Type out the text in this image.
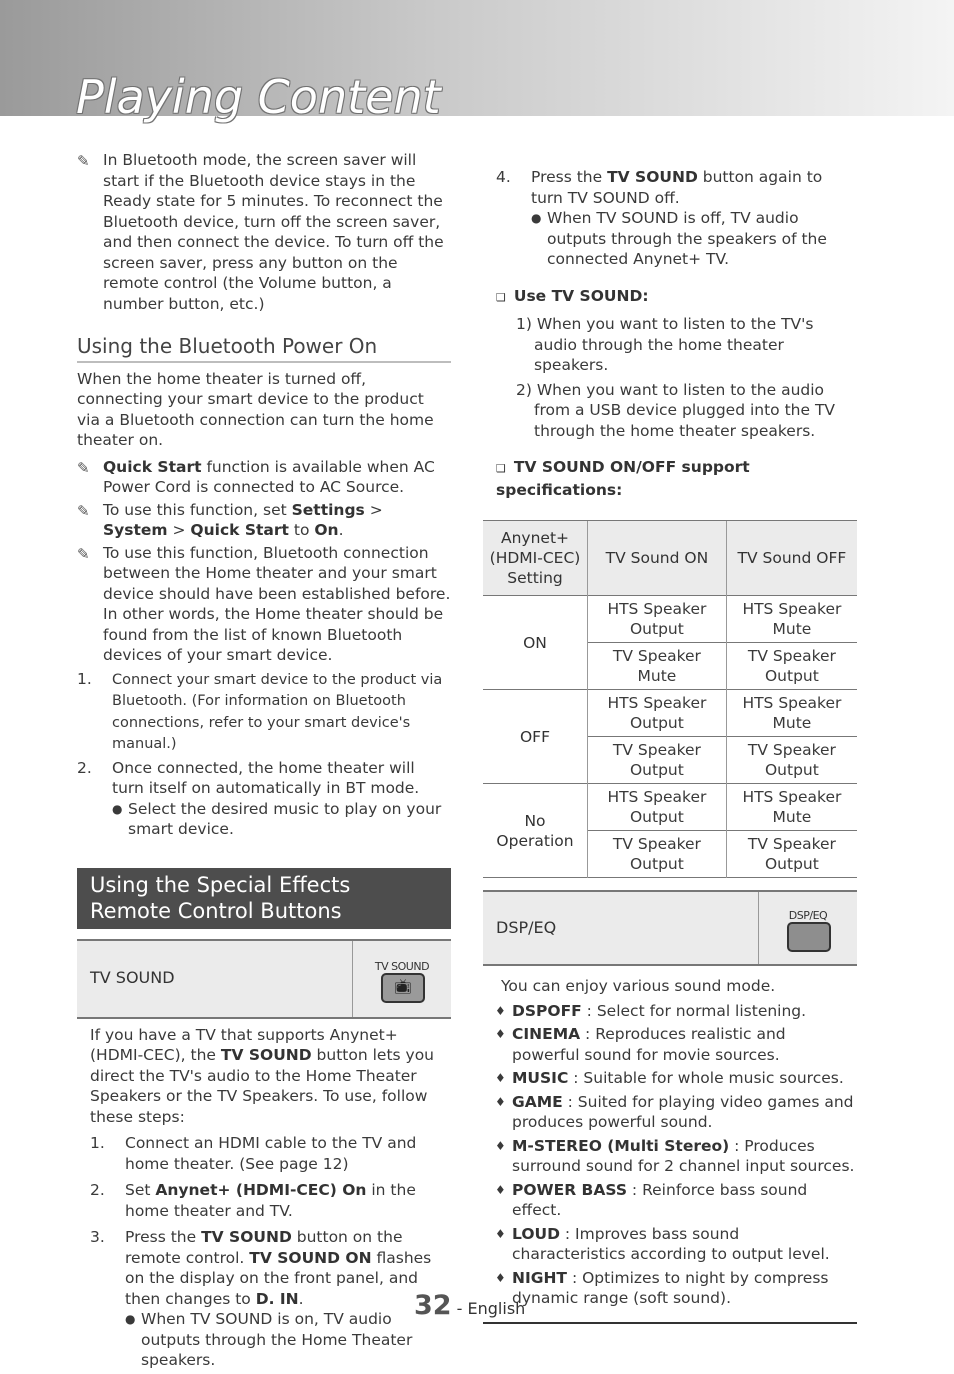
Playing Content
✎ In Bluetooth mode, the screen saver will start if the Bluetooth device stays in the Ready state for 5 minutes. To reconnect the Bluetooth device, turn off the screen saver, and then connect the device. To turn off the screen saver, press any button on the remote control (the Volume button, a number button, etc.)
Using the Bluetooth Power On
When the home theater is turned off, connecting your smart device to the product via a Bluetooth connection can turn the home theater on.
✎ Quick Start function is available when AC Power Cord is connected to AC Source.
✎ To use this function, set Settings > System > Quick Start to On.
✎ To use this function, Bluetooth connection between the Home theater and your smart device should have been established before. In other words, the Home theater should be found from the list of known Bluetooth devices of your smart device.
1. Connect your smart device to the product via Bluetooth. (For information on Bluetooth connections, refer to your smart device's manual.)
2. Once connected, the home theater will turn itself on automatically in BT mode.
● Select the desired music to play on your smart device.
Using the Special Effects Remote Control Buttons
TV SOUND
TV SOUND
📺︎
If you have a TV that supports Anynet+ (HDMI-CEC), the TV SOUND button lets you direct the TV's audio to the Home Theater Speakers or the TV Speakers. To use, follow these steps:
1. Connect an HDMI cable to the TV and home theater. (See page 12)
2. Set Anynet+ (HDMI-CEC) On in the home theater and TV.
3. Press the TV SOUND button on the remote control. TV SOUND ON flashes on the display on the front panel, and then changes to D. IN.
● When TV SOUND is on, TV audio outputs through the Home Theater speakers.
4. Press the TV SOUND button again to turn TV SOUND off.
● When TV SOUND is off, TV audio outputs through the speakers of the connected Anynet+ TV.
❑ Use TV SOUND:
1) When you want to listen to the TV's audio through the home theater speakers.
2) When you want to listen to the audio from a USB device plugged into the TV through the home theater speakers.
❑ TV SOUND ON/OFF support specifications:
Anynet+ (HDMI-CEC) Setting	TV Sound ON	TV Sound OFF
ON	HTS Speaker Output	HTS Speaker Mute
	TV Speaker Mute	TV Speaker Output
OFF	HTS Speaker Output	HTS Speaker Mute
	TV Speaker Output	TV Speaker Output
No Operation	HTS Speaker Output	HTS Speaker Mute
	TV Speaker Output	TV Speaker Output
DSP/EQ
DSP/EQ
You can enjoy various sound mode.
♦ DSPOFF : Select for normal listening.
♦ CINEMA : Reproduces realistic and powerful sound for movie sources.
♦ MUSIC : Suitable for whole music sources.
♦ GAME : Suited for playing video games and produces powerful sound.
♦ M-STEREO (Multi Stereo) : Produces surround sound for 2 channel input sources.
♦ POWER BASS : Reinforce bass sound effect.
♦ LOUD : Improves bass sound characteristics according to output level.
♦ NIGHT : Optimizes to night by compress dynamic range (soft sound).
32 - English
